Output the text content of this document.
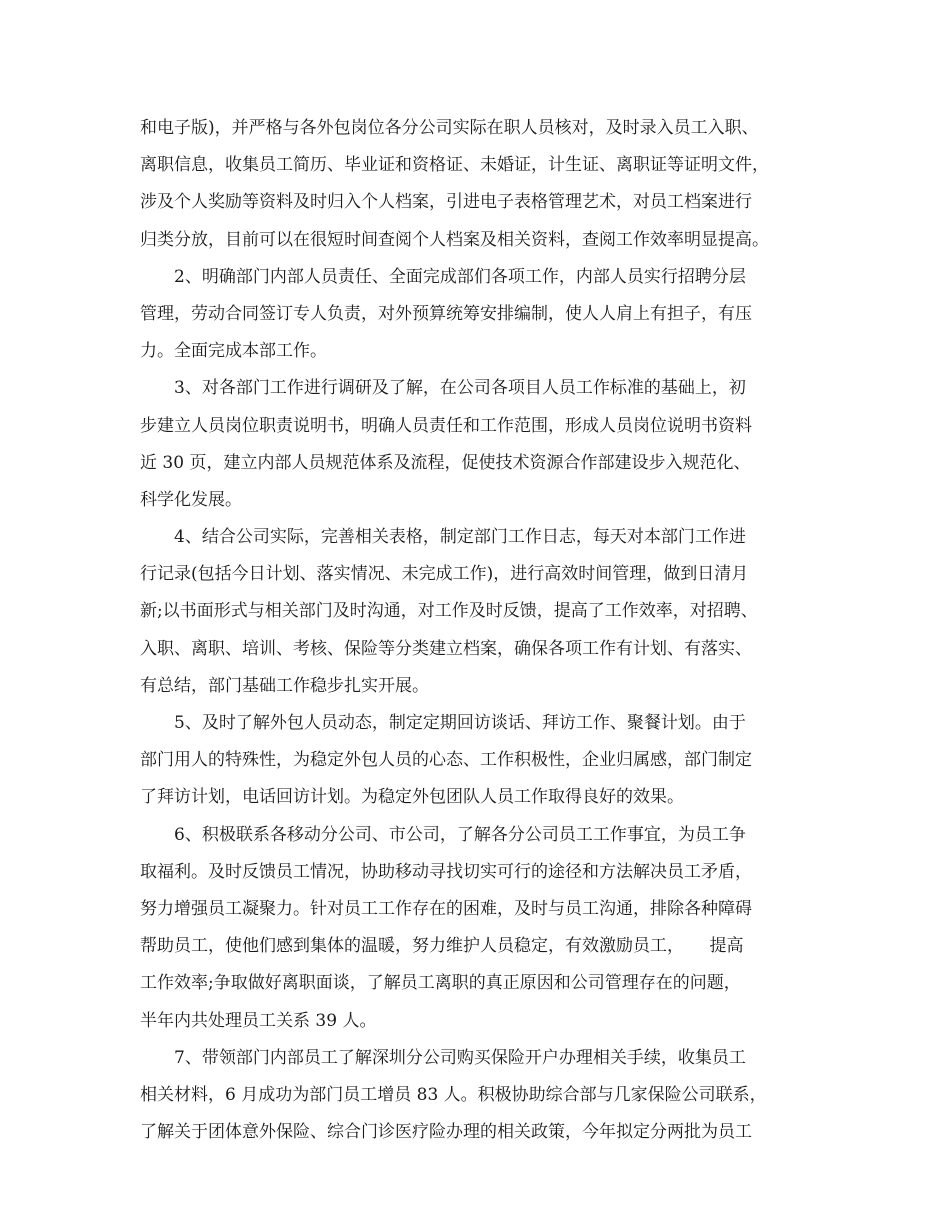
和电子版)，并严格与各外包岗位各分公司实际在职人员核对，及时录入员工入职、
离职信息，收集员工简历、毕业证和资格证、未婚证，计生证、离职证等证明文件，
涉及个人奖励等资料及时归入个人档案，引进电子表格管理艺术，对员工档案进行
归类分放，目前可以在很短时间查阅个人档案及相关资料，查阅工作效率明显提高。
2、明确部门内部人员责任、全面完成部们各项工作，内部人员实行招聘分层
管理，劳动合同签订专人负责，对外预算统筹安排编制，使人人肩上有担子，有压
力。全面完成本部工作。
3、对各部门工作进行调研及了解，在公司各项目人员工作标准的基础上，初
步建立人员岗位职责说明书，明确人员责任和工作范围，形成人员岗位说明书资料
近 30 页，建立内部人员规范体系及流程，促使技术资源合作部建设步入规范化、
科学化发展。
4、结合公司实际，完善相关表格，制定部门工作日志，每天对本部门工作进
行记录(包括今日计划、落实情况、未完成工作)，进行高效时间管理，做到日清月
新;以书面形式与相关部门及时沟通，对工作及时反馈，提高了工作效率，对招聘、
入职、离职、培训、考核、保险等分类建立档案，确保各项工作有计划、有落实、
有总结，部门基础工作稳步扎实开展。
5、及时了解外包人员动态，制定定期回访谈话、拜访工作、聚餐计划。由于
部门用人的特殊性，为稳定外包人员的心态、工作积极性，企业归属感，部门制定
了拜访计划，电话回访计划。为稳定外包团队人员工作取得良好的效果。
6、积极联系各移动分公司、市公司，了解各分公司员工工作事宜，为员工争
取福利。及时反馈员工情况，协助移动寻找切实可行的途径和方法解决员工矛盾，
努力增强员工凝聚力。针对员工工作存在的困难，及时与员工沟通，排除各种障碍
帮助员工，使他们感到集体的温暖，努力维护人员稳定，有效激励员工，　　提高
工作效率;争取做好离职面谈，了解员工离职的真正原因和公司管理存在的问题，
半年内共处理员工关系 39 人。
7、带领部门内部员工了解深圳分公司购买保险开户办理相关手续，收集员工
相关材料，6 月成功为部门员工增员 83 人。积极协助综合部与几家保险公司联系，
了解关于团体意外保险、综合门诊医疗险办理的相关政策，今年拟定分两批为员工
